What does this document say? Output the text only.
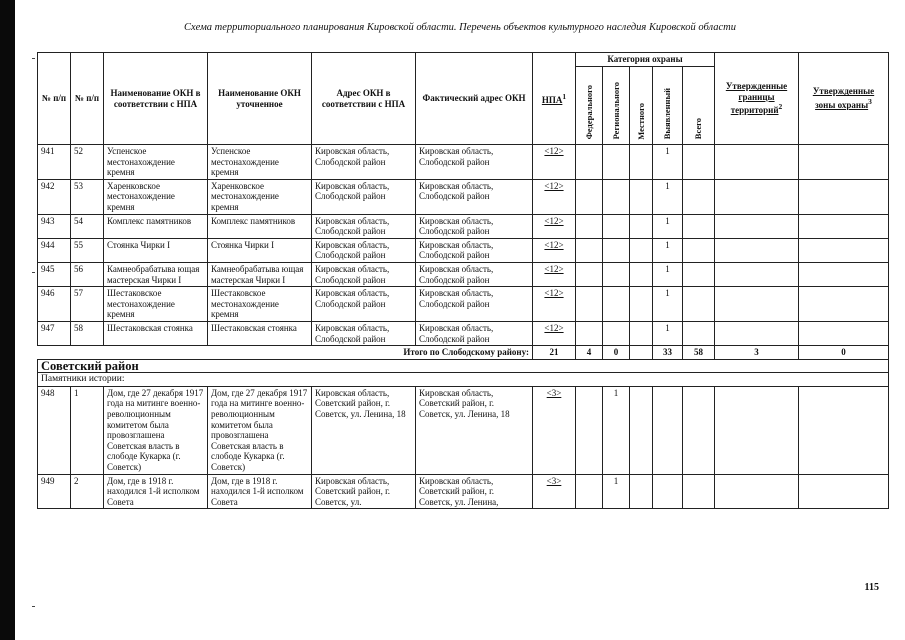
Схема территориального планирования Кировской области. Перечень объектов культурного наследия Кировской области
№ п/п	№ п/п	Наименование ОКН в соответствии с НПА	Наименование ОКН уточненное	Адрес ОКН в соответствии с НПА	Фактический адрес ОКН	НПА$^1$	Категория охраны					Утвержденные границы территорий$^2$	Утвержденные зоны охраны$^3$
							Федерального	Регионального	Местного	Выявленный	Всего		
941	52	Успенское местонахождение кремня	Успенское местонахождение кремня	Кировская область, Слободской район	Кировская область, Слободской район	<12>				1			
942	53	Харенковское местонахождение кремня	Харенковское местонахождение кремня	Кировская область, Слободской район	Кировская область, Слободской район	<12>				1			
943	54	Комплекс памятников	Комплекс памятников	Кировская область, Слободской район	Кировская область, Слободской район	<12>				1			
944	55	Стоянка Чирки I	Стоянка Чирки I	Кировская область, Слободской район	Кировская область, Слободской район	<12>				1			
945	56	Камнеобрабатыва ющая мастерская Чирки I	Камнеобрабатыва ющая мастерская Чирки I	Кировская область, Слободской район	Кировская область, Слободской район	<12>				1			
946	57	Шестаковское местонахождение кремня	Шестаковское местонахождение кремня	Кировская область, Слободской район	Кировская область, Слободской район	<12>				1			
947	58	Шестаковская стоянка	Шестаковская стоянка	Кировская область, Слободской район	Кировская область, Слободской район	<12>				1			
Итого по Слободскому району:						21	4	0		33	58	3	0
Советский район													
Памятники истории:													
948	1	Дом, где 27 декабря 1917 года на митинге военно-революционным комитетом была провозглашена Советская власть в слободе Кукарка (г. Советск)	Дом, где 27 декабря 1917 года на митинге военно-революционным комитетом была провозглашена Советская власть в слободе Кукарка (г. Советск)	Кировская область, Советский район, г. Советск, ул. Ленина, 18	Кировская область, Советский район, г. Советск, ул. Ленина, 18	<3>		1					
949	2	Дом, где в 1918 г. находился 1-й исполком Совета	Дом, где в 1918 г. находился 1-й исполком Совета	Кировская область, Советский район, г. Советск, ул.	Кировская область, Советский район, г. Советск, ул. Ленина,	<3>		1					
115
